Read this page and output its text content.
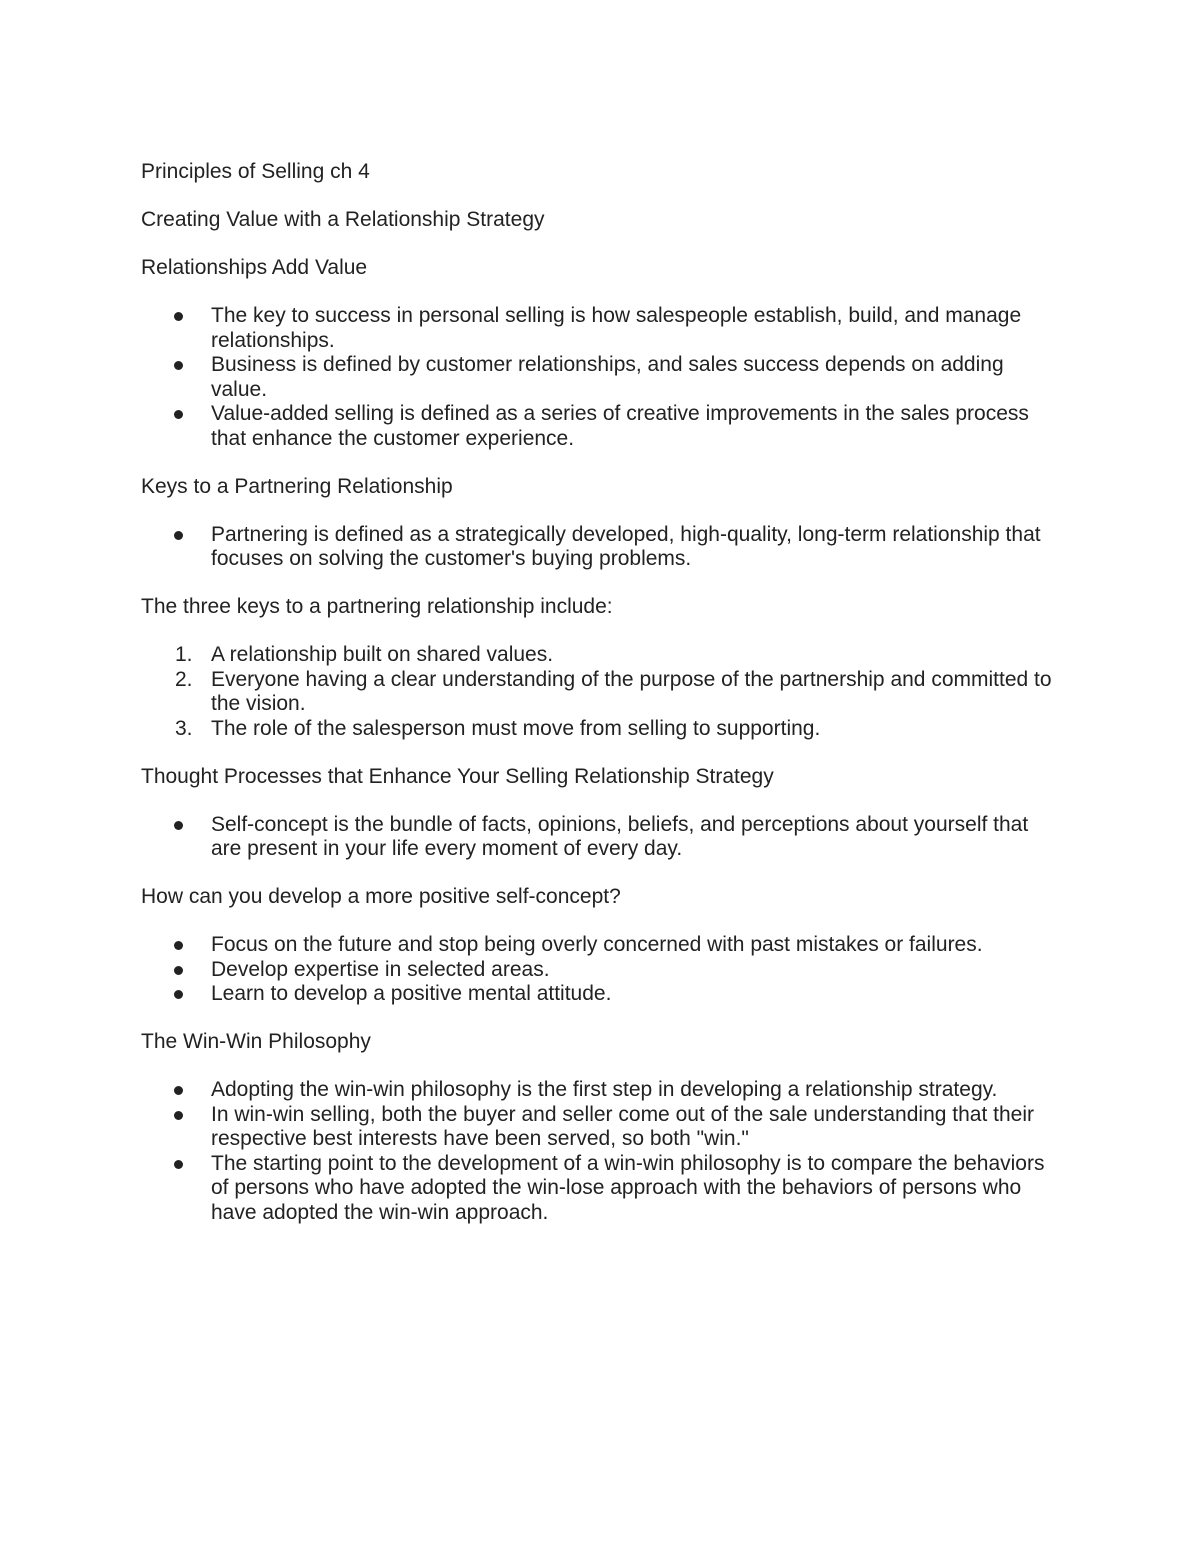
Principles of Selling ch 4

Creating Value with a Relationship Strategy

Relationships Add Value

The key to success in personal selling is how salespeople establish, build, and manage relationships.
Business is defined by customer relationships, and sales success depends on adding value.
Value-added selling is defined as a series of creative improvements in the sales process that enhance the customer experience.

Keys to a Partnering Relationship

Partnering is defined as a strategically developed, high-quality, long-term relationship that focuses on solving the customer's buying problems.

The three keys to a partnering relationship include:

1. A relationship built on shared values.
2. Everyone having a clear understanding of the purpose of the partnership and committed to the vision.
3. The role of the salesperson must move from selling to supporting.

Thought Processes that Enhance Your Selling Relationship Strategy

Self-concept is the bundle of facts, opinions, beliefs, and perceptions about yourself that are present in your life every moment of every day.

How can you develop a more positive self-concept?

Focus on the future and stop being overly concerned with past mistakes or failures.
Develop expertise in selected areas.
Learn to develop a positive mental attitude.

The Win-Win Philosophy

Adopting the win-win philosophy is the first step in developing a relationship strategy.
In win-win selling, both the buyer and seller come out of the sale understanding that their respective best interests have been served, so both "win."
The starting point to the development of a win-win philosophy is to compare the behaviors of persons who have adopted the win-lose approach with the behaviors of persons who have adopted the win-win approach.
